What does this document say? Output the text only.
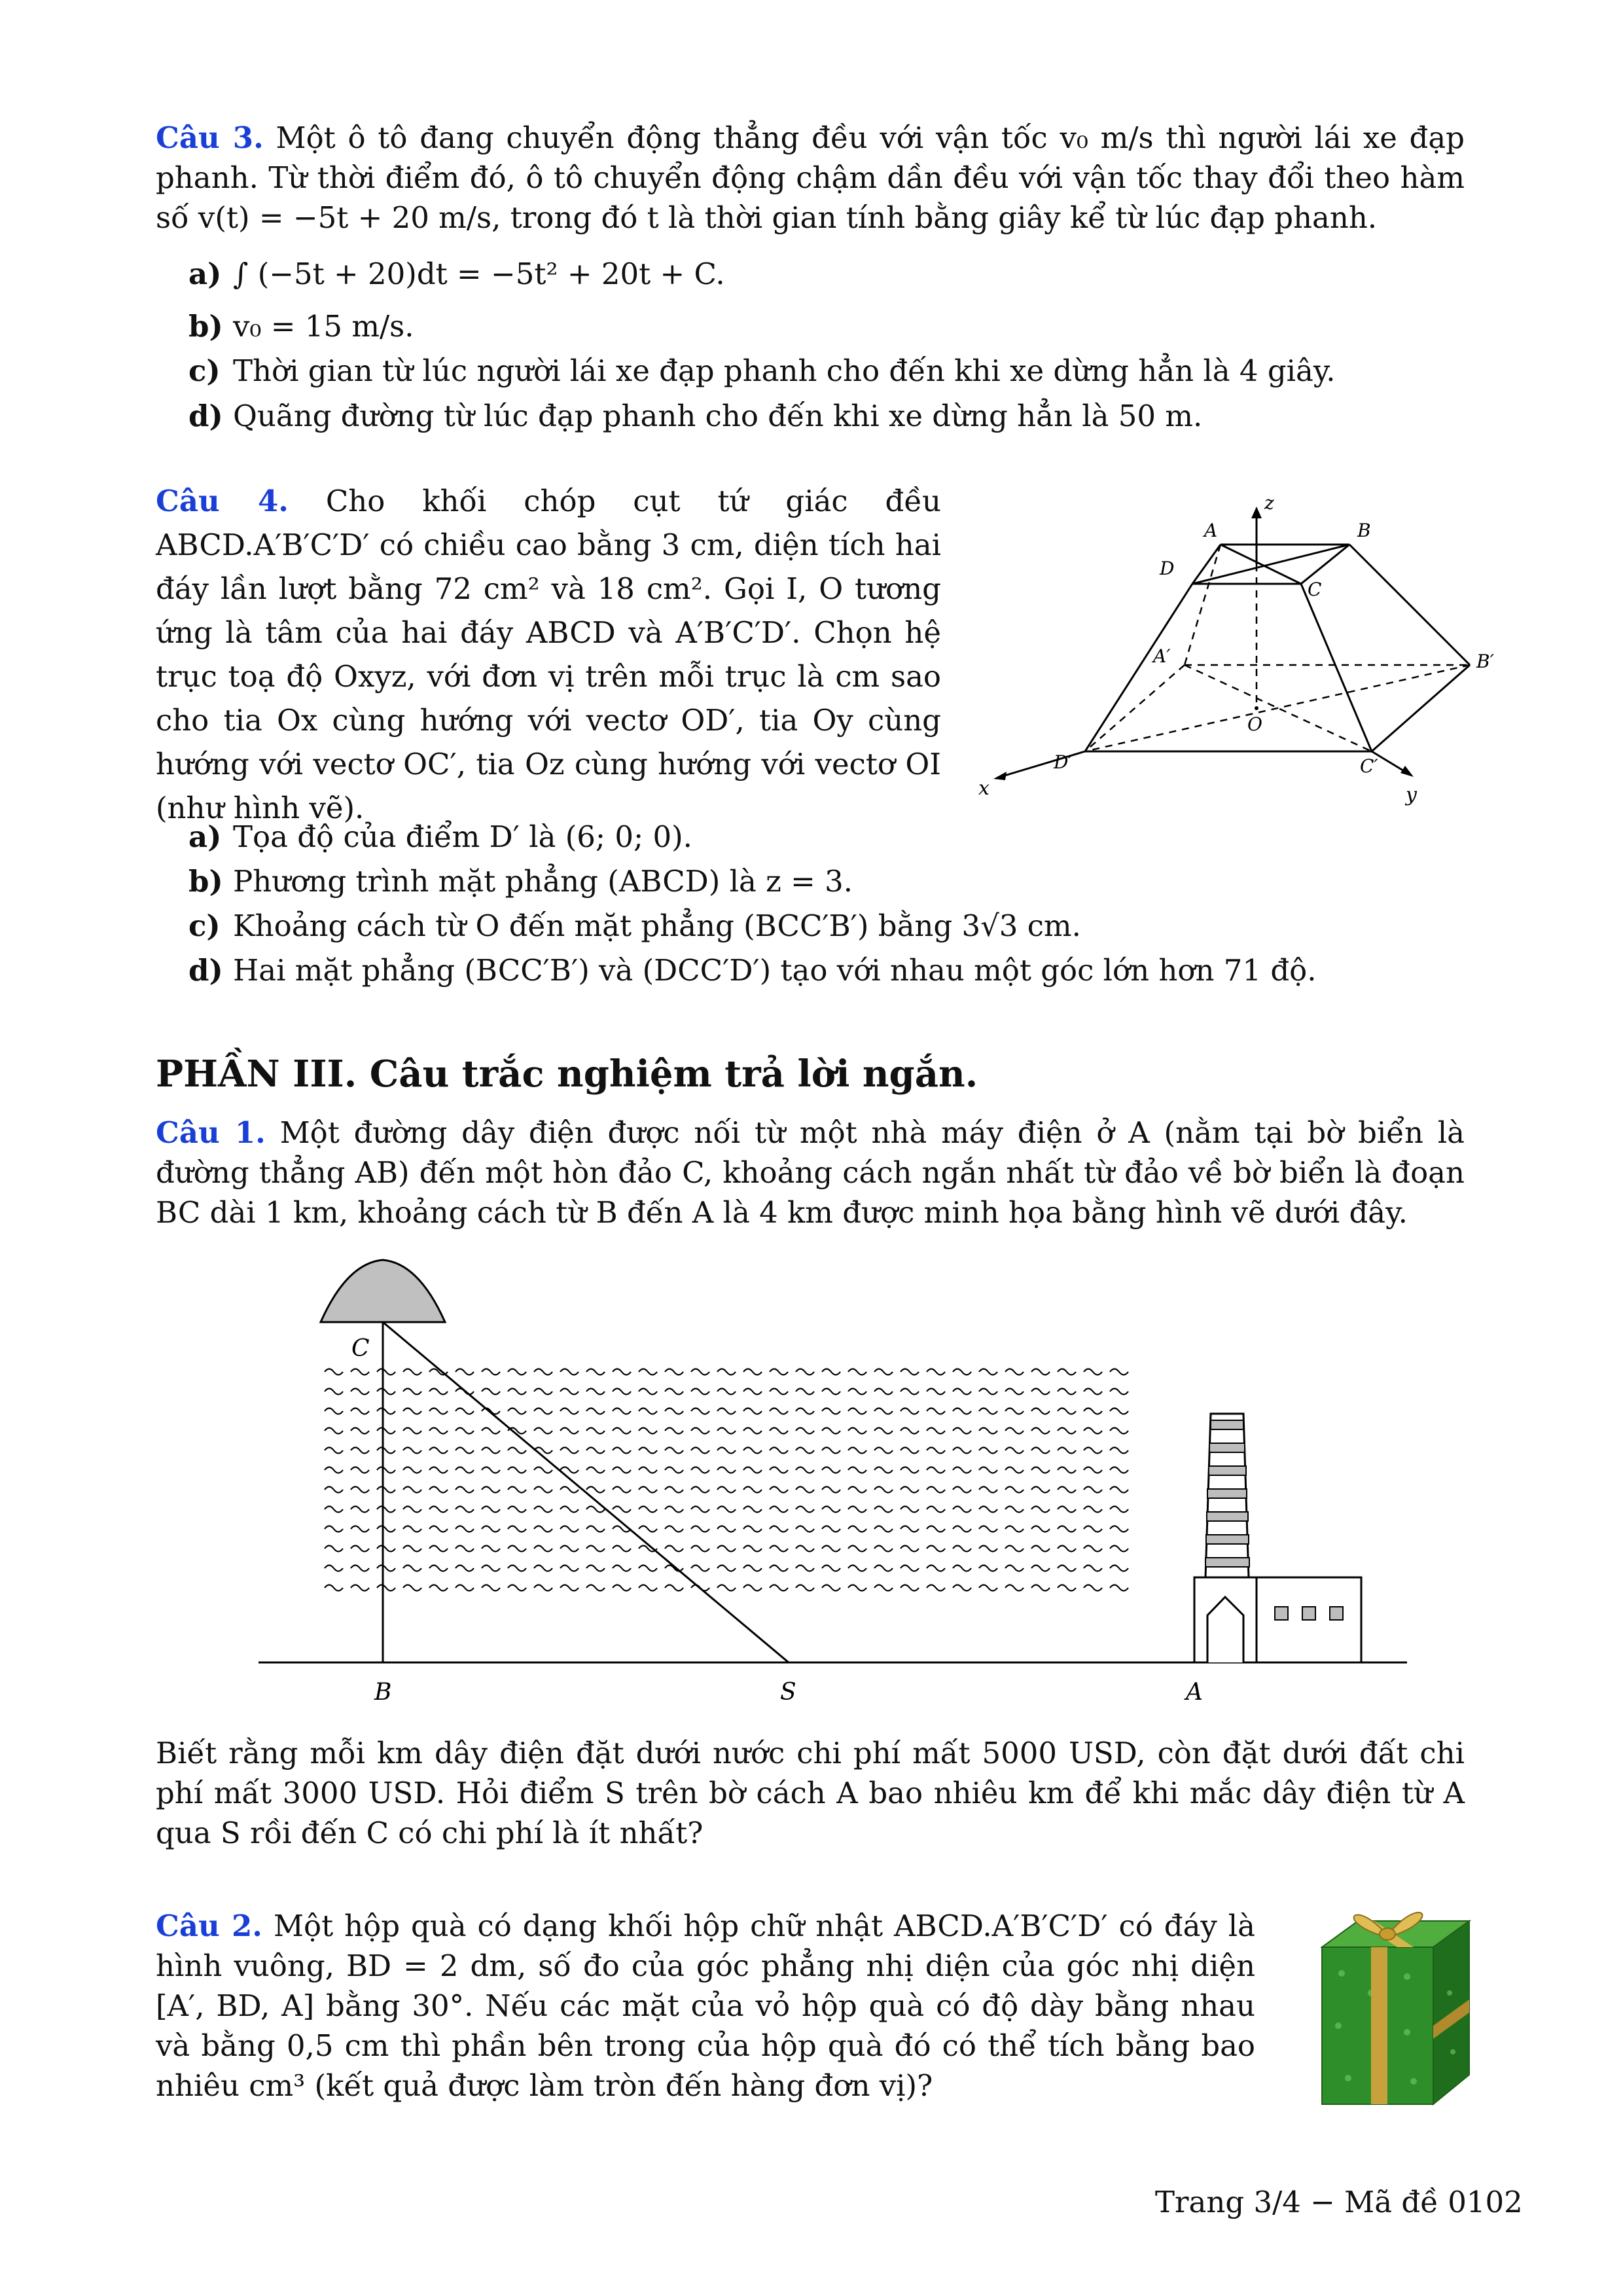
Câu 3. Một ô tô đang chuyển động thẳng đều với vận tốc v₀ m/s thì người lái xe đạp phanh. Từ thời điểm đó, ô tô chuyển động chậm dần đều với vận tốc thay đổi theo hàm số v(t) = −5t + 20 m/s, trong đó t là thời gian tính bằng giây kể từ lúc đạp phanh.
a) ∫ (−5t + 20)dt = −5t² + 20t + C.
b) v₀ = 15 m/s.
c) Thời gian từ lúc người lái xe đạp phanh cho đến khi xe dừng hẳn là 4 giây.
d) Quãng đường từ lúc đạp phanh cho đến khi xe dừng hẳn là 50 m.
Câu 4. Cho khối chóp cụt tứ giác đều ABCD.A′B′C′D′ có chiều cao bằng 3 cm, diện tích hai đáy lần lượt bằng 72 cm² và 18 cm². Gọi I, O tương ứng là tâm của hai đáy ABCD và A′B′C′D′. Chọn hệ trục toạ độ Oxyz, với đơn vị trên mỗi trục là cm sao cho tia Ox cùng hướng với vectơ OD′, tia Oy cùng hướng với vectơ OC′, tia Oz cùng hướng với vectơ OI (như hình vẽ).
z
A	B
D
C
A′	B′
O
D′	C′
x	y
a) Tọa độ của điểm D′ là (6; 0; 0).
b) Phương trình mặt phẳng (ABCD) là z = 3.
c) Khoảng cách từ O đến mặt phẳng (BCC′B′) bằng 3√3 cm.
d) Hai mặt phẳng (BCC′B′) và (DCC′D′) tạo với nhau một góc lớn hơn 71 độ.
PHẦN III. Câu trắc nghiệm trả lời ngắn.
Câu 1. Một đường dây điện được nối từ một nhà máy điện ở A (nằm tại bờ biển là đường thẳng AB) đến một hòn đảo C, khoảng cách ngắn nhất từ đảo về bờ biển là đoạn BC dài 1 km, khoảng cách từ B đến A là 4 km được minh họa bằng hình vẽ dưới đây.
C
B	S	A
Biết rằng mỗi km dây điện đặt dưới nước chi phí mất 5000 USD, còn đặt dưới đất chi phí mất 3000 USD. Hỏi điểm S trên bờ cách A bao nhiêu km để khi mắc dây điện từ A qua S rồi đến C có chi phí là ít nhất?
Câu 2. Một hộp quà có dạng khối hộp chữ nhật ABCD.A′B′C′D′ có đáy là hình vuông, BD = 2 dm, số đo của góc phẳng nhị diện của góc nhị diện [A′, BD, A] bằng 30°. Nếu các mặt của vỏ hộp quà có độ dày bằng nhau và bằng 0,5 cm thì phần bên trong của hộp quà đó có thể tích bằng bao nhiêu cm³ (kết quả được làm tròn đến hàng đơn vị)?
Trang 3/4 − Mã đề 0102
